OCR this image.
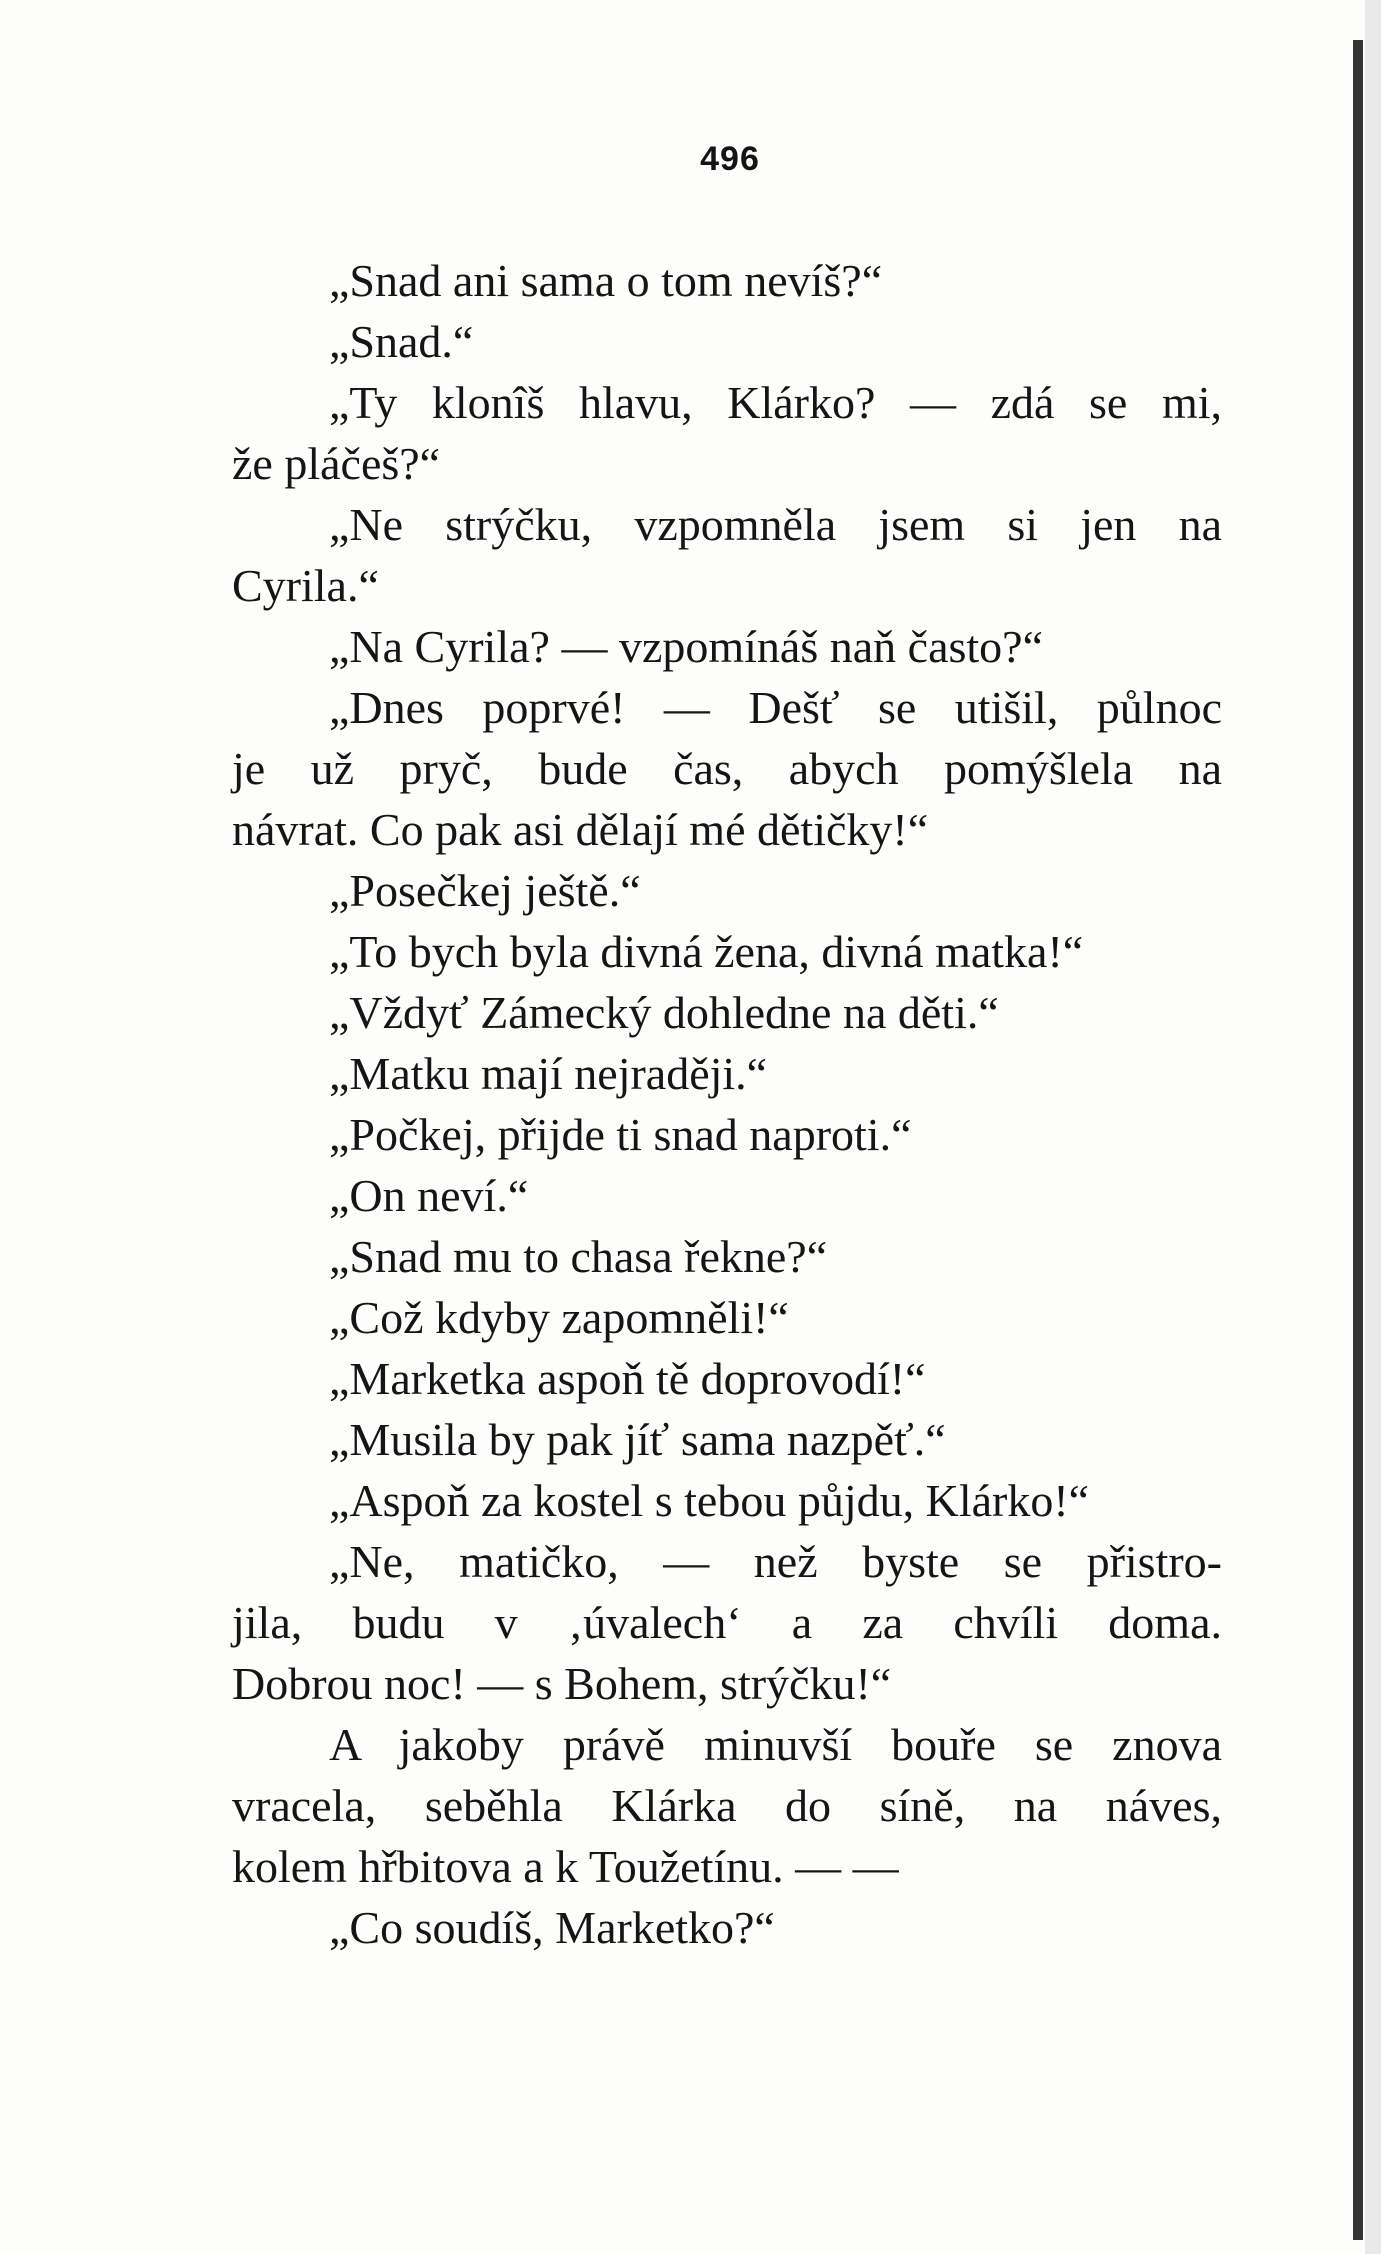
496
„Snad ani sama o tom nevíš?“
„Snad.“
„Ty klonîš hlavu, Klárko? — zdá se mi,
že pláčeš?“
„Ne strýčku, vzpomněla jsem si jen na
Cyrila.“
„Na Cyrila? — vzpomínáš naň často?“
„Dnes poprvé! — Dešť se utišil, půlnoc
je už pryč, bude čas, abych pomýšlela na
návrat. Co pak asi dělají mé dětičky!“
„Posečkej ještě.“
„To bych byla divná žena, divná matka!“
„Vždyť Zámecký dohledne na děti.“
„Matku mají nejraději.“
„Počkej, přijde ti snad naproti.“
„On neví.“
„Snad mu to chasa řekne?“
„Což kdyby zapomněli!“
„Marketka aspoň tě doprovodí!“
„Musila by pak jíť sama nazpěť.“
„Aspoň za kostel s tebou půjdu, Klárko!“
„Ne, matičko, — než byste se přistro-
jila, budu v ‚úvalech‘ a za chvíli doma.
Dobrou noc! — s Bohem, strýčku!“
A jakoby právě minuvší bouře se znova
vracela, seběhla Klárka do síně, na náves,
kolem hřbitova a k Toužetínu. — —
„Co soudíš, Marketko?“
